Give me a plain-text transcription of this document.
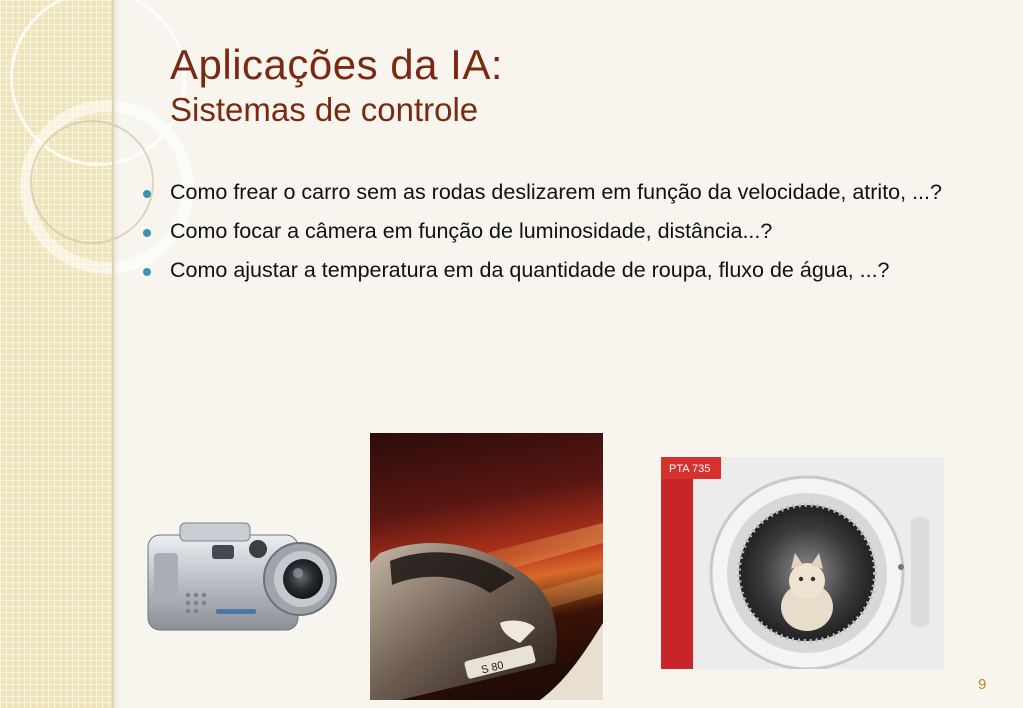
Aplicações da IA:
Sistemas de controle
Como frear o carro sem as rodas deslizarem em função da velocidade, atrito, ...?
Como focar a câmera em função de luminosidade, distância...?
Como ajustar a temperatura em da quantidade de roupa, fluxo de água, ...?
S 80
PTA 735
9
